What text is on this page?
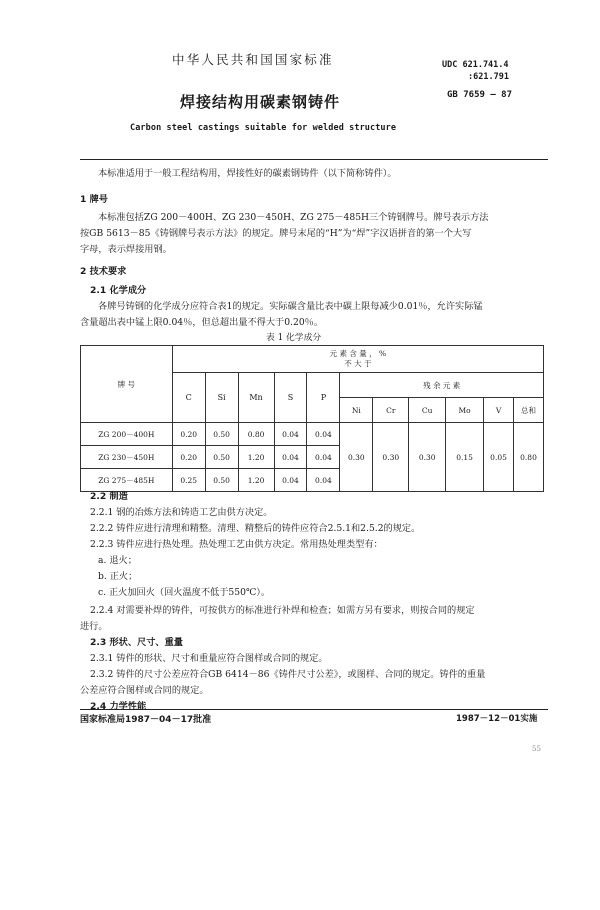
中华人民共和国国家标准	UDC 621.741.4
:621.791
GB 7659 — 87
焊接结构用碳素钢铸件
Carbon steel castings suitable for welded structure
本标准适用于一般工程结构用，焊接性好的碳素钢铸件（以下简称铸件）。
1 牌号
本标准包括ZG 200－400H、ZG 230－450H、ZG 275－485H三个铸钢牌号。牌号表示方法
按GB 5613－85《铸钢牌号表示方法》的规定。牌号末尾的“H”为“焊”字汉语拼音的第一个大写
字母，表示焊接用钢。
2 技术要求
2.1 化学成分
各牌号铸钢的化学成分应符合表1的规定。实际碳含量比表中碳上限每减少0.01％，允许实际锰
含量超出表中锰上限0.04％，但总超出量不得大于0.20％。
表 1 化学成分
牌 号	元 素 含 量 ， %
不 大 于										
	C	Si	Mn	S	P	残 余 元 素					
						Ni	Cr	Cu	Mo	V	总和
ZG 200－400H	0.20	0.50	0.80	0.04	0.04	0.30	0.30	0.30	0.15	0.05	0.80
ZG 230－450H	0.20	0.50	1.20	0.04	0.04						
ZG 275－485H	0.25	0.50	1.20	0.04	0.04						
2.2 制造
2.2.1 钢的冶炼方法和铸造工艺由供方决定。
2.2.2 铸件应进行清理和精整。清理、精整后的铸件应符合2.5.1和2.5.2的规定。
2.2.3 铸件应进行热处理。热处理工艺由供方决定。常用热处理类型有：
a. 退火；
b. 正火；
c. 正火加回火（回火温度不低于550℃）。
2.2.4 对需要补焊的铸件，可按供方的标准进行补焊和检查；如需方另有要求，则按合同的规定
进行。
2.3 形状、尺寸、重量
2.3.1 铸件的形状、尺寸和重量应符合图样或合同的规定。
2.3.2 铸件的尺寸公差应符合GB 6414－86《铸件尺寸公差》，或图样、合同的规定。铸件的重量
公差应符合图样或合同的规定。
2.4 力学性能
国家标准局1987－04－17批准	1987－12－01实施
55
